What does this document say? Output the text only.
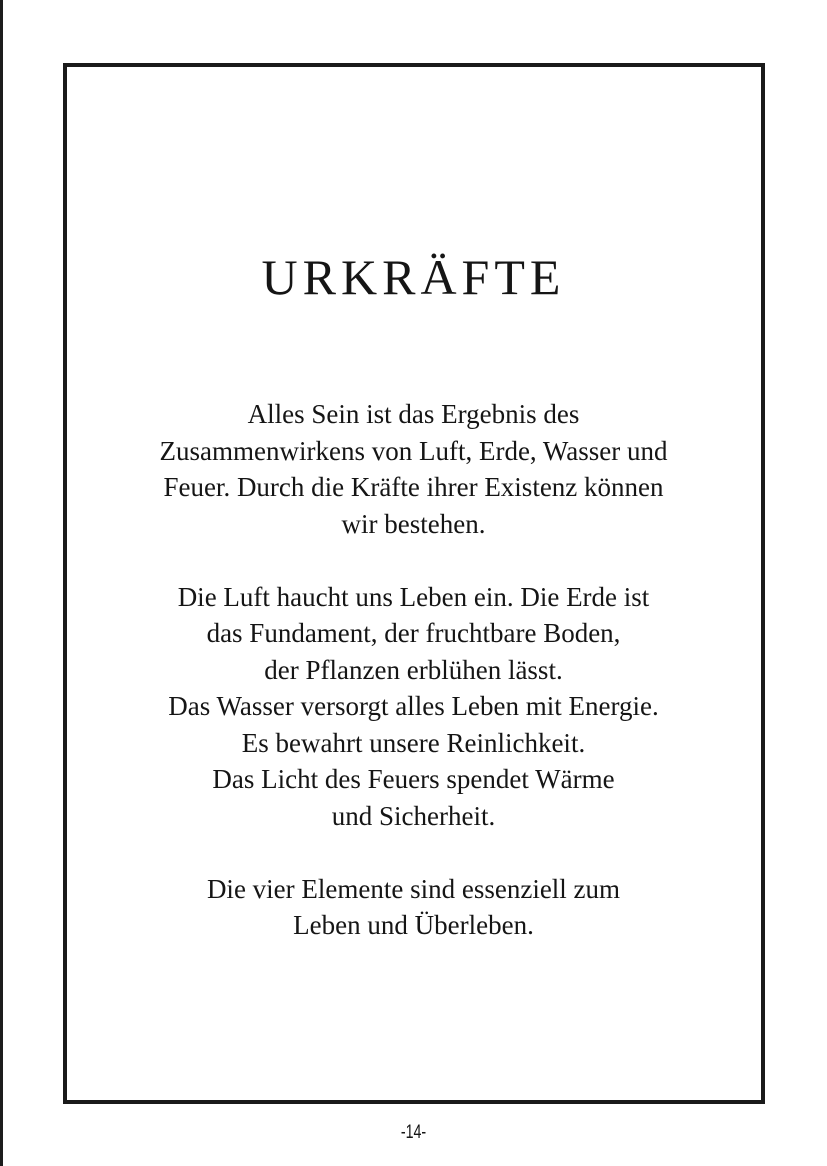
URKRÄFTE

Alles Sein ist das Ergebnis des
Zusammenwirkens von Luft, Erde, Wasser und
Feuer. Durch die Kräfte ihrer Existenz können
wir bestehen.

Die Luft haucht uns Leben ein. Die Erde ist
das Fundament, der fruchtbare Boden,
der Pflanzen erblühen lässt.
Das Wasser versorgt alles Leben mit Energie.
Es bewahrt unsere Reinlichkeit.
Das Licht des Feuers spendet Wärme
und Sicherheit.

Die vier Elemente sind essenziell zum
Leben und Überleben.

-14-
